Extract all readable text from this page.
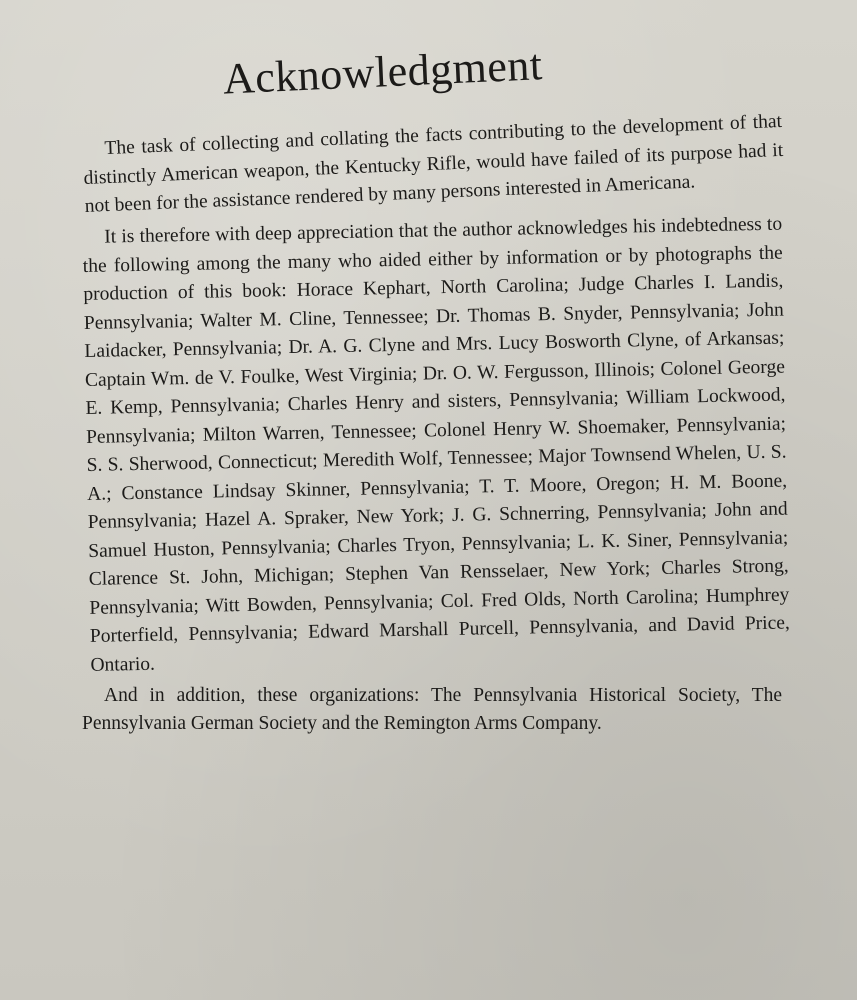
Acknowledgment

The task of collecting and collating the facts contributing to the development of that distinctly American weapon, the Kentucky Rifle, would have failed of its purpose had it not been for the assistance rendered by many persons interested in Americana.

It is therefore with deep appreciation that the author acknowledges his indebtedness to the following among the many who aided either by information or by photographs the production of this book: Horace Kephart, North Carolina; Judge Charles I. Landis, Pennsylvania; Walter M. Cline, Tennessee; Dr. Thomas B. Snyder, Pennsylvania; John Laidacker, Pennsylvania; Dr. A. G. Clyne and Mrs. Lucy Bosworth Clyne, of Arkansas; Captain Wm. de V. Foulke, West Virginia; Dr. O. W. Fergusson, Illinois; Colonel George E. Kemp, Pennsylvania; Charles Henry and sisters, Pennsylvania; William Lockwood, Pennsylvania; Milton Warren, Tennessee; Colonel Henry W. Shoemaker, Pennsylvania; S. S. Sherwood, Connecticut; Meredith Wolf, Tennessee; Major Townsend Whelen, U. S. A.; Constance Lindsay Skinner, Pennsylvania; T. T. Moore, Oregon; H. M. Boone, Pennsylvania; Hazel A. Spraker, New York; J. G. Schnerring, Pennsylvania; John and Samuel Huston, Pennsylvania; Charles Tryon, Pennsylvania; L. K. Siner, Pennsylvania; Clarence St. John, Michigan; Stephen Van Rensselaer, New York; Charles Strong, Pennsylvania; Witt Bowden, Pennsylvania; Col. Fred Olds, North Carolina; Humphrey Porterfield, Pennsylvania; Edward Marshall Purcell, Pennsylvania, and David Price, Ontario.

And in addition, these organizations: The Pennsylvania Historical Society, The Pennsylvania German Society and the Remington Arms Company.
